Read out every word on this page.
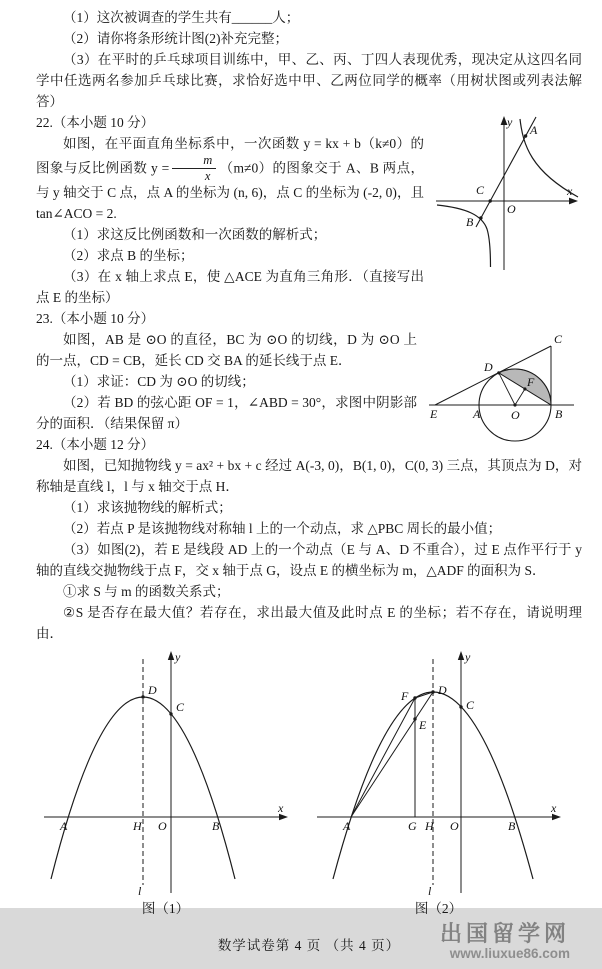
（1）这次被调查的学生共有______人；

（2）请你将条形统计图(2)补充完整；

（3）在平时的乒乓球项目训练中，甲、乙、丙、丁四人表现优秀，现决定从这四名同学中任选两名参加乒乓球比赛，求恰好选中甲、乙两位同学的概率（用树状图或列表法解答）

y
x
A
C
O
B

22.（本小题 10 分）

如图，在平面直角坐标系中，一次函数 y = kx + b（k≠0）的图象与反比例函数 $y = \frac{m}{x} (m\ne 0)$的图象交于 A、B 两点，与 y 轴交于 C 点，点 A 的坐标为 (n, 6)，点 C 的坐标为 (-2, 0)，且 tan∠ACO = 2.

（1）求这反比例函数和一次函数的解析式；

（2）求点 B 的坐标；

（3）在 x 轴上求点 E，使 △ACE 为直角三角形．（直接写出点 E 的坐标）

C
D
F
E	A	O	B

23.（本小题 10 分）

如图，AB 是 ⊙O 的直径，BC 为 ⊙O 的切线，D 为 ⊙O 上的一点，CD = CB，延长 CD 交 BA 的延长线于点 E．

（1）求证：CD 为 ⊙O 的切线；

（2）若 BD 的弦心距 OF = 1，∠ABD = 30°，求图中阴影部分的面积．（结果保留 π）

24.（本小题 12 分）

如图，已知抛物线 y = ax² + bx + c 经过 A(-3, 0)，B(1, 0)，C(0, 3) 三点，其顶点为 D，对称轴是直线 l，l 与 x 轴交于点 H．

（1）求该抛物线的解析式；

（2）若点 P 是该抛物线对称轴 l 上的一个动点，求 △PBC 周长的最小值；

（3）如图(2)，若 E 是线段 AD 上的一个动点（E 与 A、D 不重合），过 E 点作平行于 y 轴的直线交抛物线于点 F，交 x 轴于点 G，设点 E 的横坐标为 m，△ADF 的面积为 S．

①求 S 与 m 的函数关系式；

②S 是否存在最大值？若存在，求出最大值及此时点 E 的坐标；若不存在，请说明理由．

y
x
D
C
A	H O	B
l
图（1）
y
x
D
C
F
E
A	G H O	B
l
图（2）
数学试卷第 4 页 （共 4 页）	出国留学网
www.liuxue86.com
